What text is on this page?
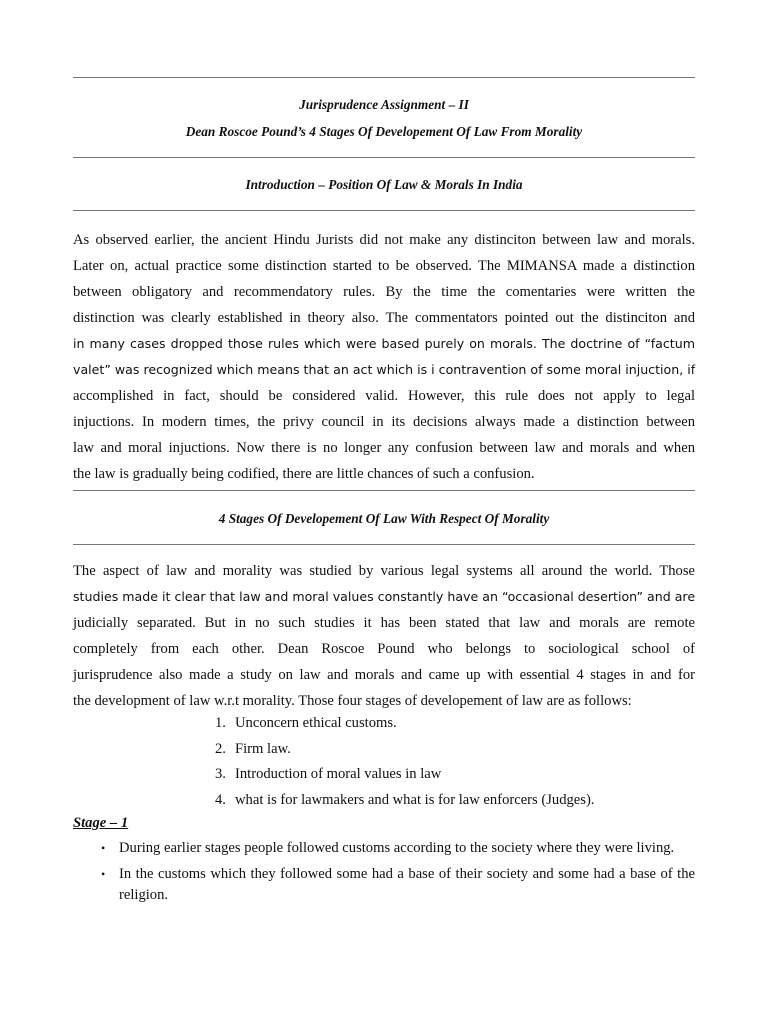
Jurisprudence Assignment – II
Dean Roscoe Pound’s 4 Stages Of Developement Of Law From Morality
Introduction – Position Of Law & Morals In India
As observed earlier, the ancient Hindu Jurists did not make any distinciton between law and morals.
Later on, actual practice some distinction started to be observed. The MIMANSA made a distinction
between obligatory and recommendatory rules. By the time the comentaries were written the
distinction was clearly established in theory also. The commentators pointed out the distinciton and
in many cases dropped those rules which were based purely on morals. The doctrine of “factum
valet” was recognized which means that an act which is i contravention of some moral injuction, if
accomplished in fact, should be considered valid. However, this rule does not apply to legal
injuctions. In modern times, the privy council in its decisions always made a distinction between
law and moral injuctions. Now there is no longer any confusion between law and morals and when
the law is gradually being codified, there are little chances of such a confusion.
4 Stages Of Developement Of Law With Respect Of Morality
The aspect of law and morality was studied by various legal systems all around the world. Those
studies made it clear that law and moral values constantly have an “occasional desertion” and are
judicially separated. But in no such studies it has been stated that law and morals are remote
completely from each other. Dean Roscoe Pound who belongs to sociological school of
jurisprudence also made a study on law and morals and came up with essential 4 stages in and for
the development of law w.r.t morality. Those four stages of developement of law are as follows:
1. Unconcern ethical customs.
2. Firm law.
3. Introduction of moral values in law
4. what is for lawmakers and what is for law enforcers (Judges).
Stage – 1
• During earlier stages people followed customs according to the society where they were living.
• In the customs which they followed some had a base of their society and some had a base of the religion.
